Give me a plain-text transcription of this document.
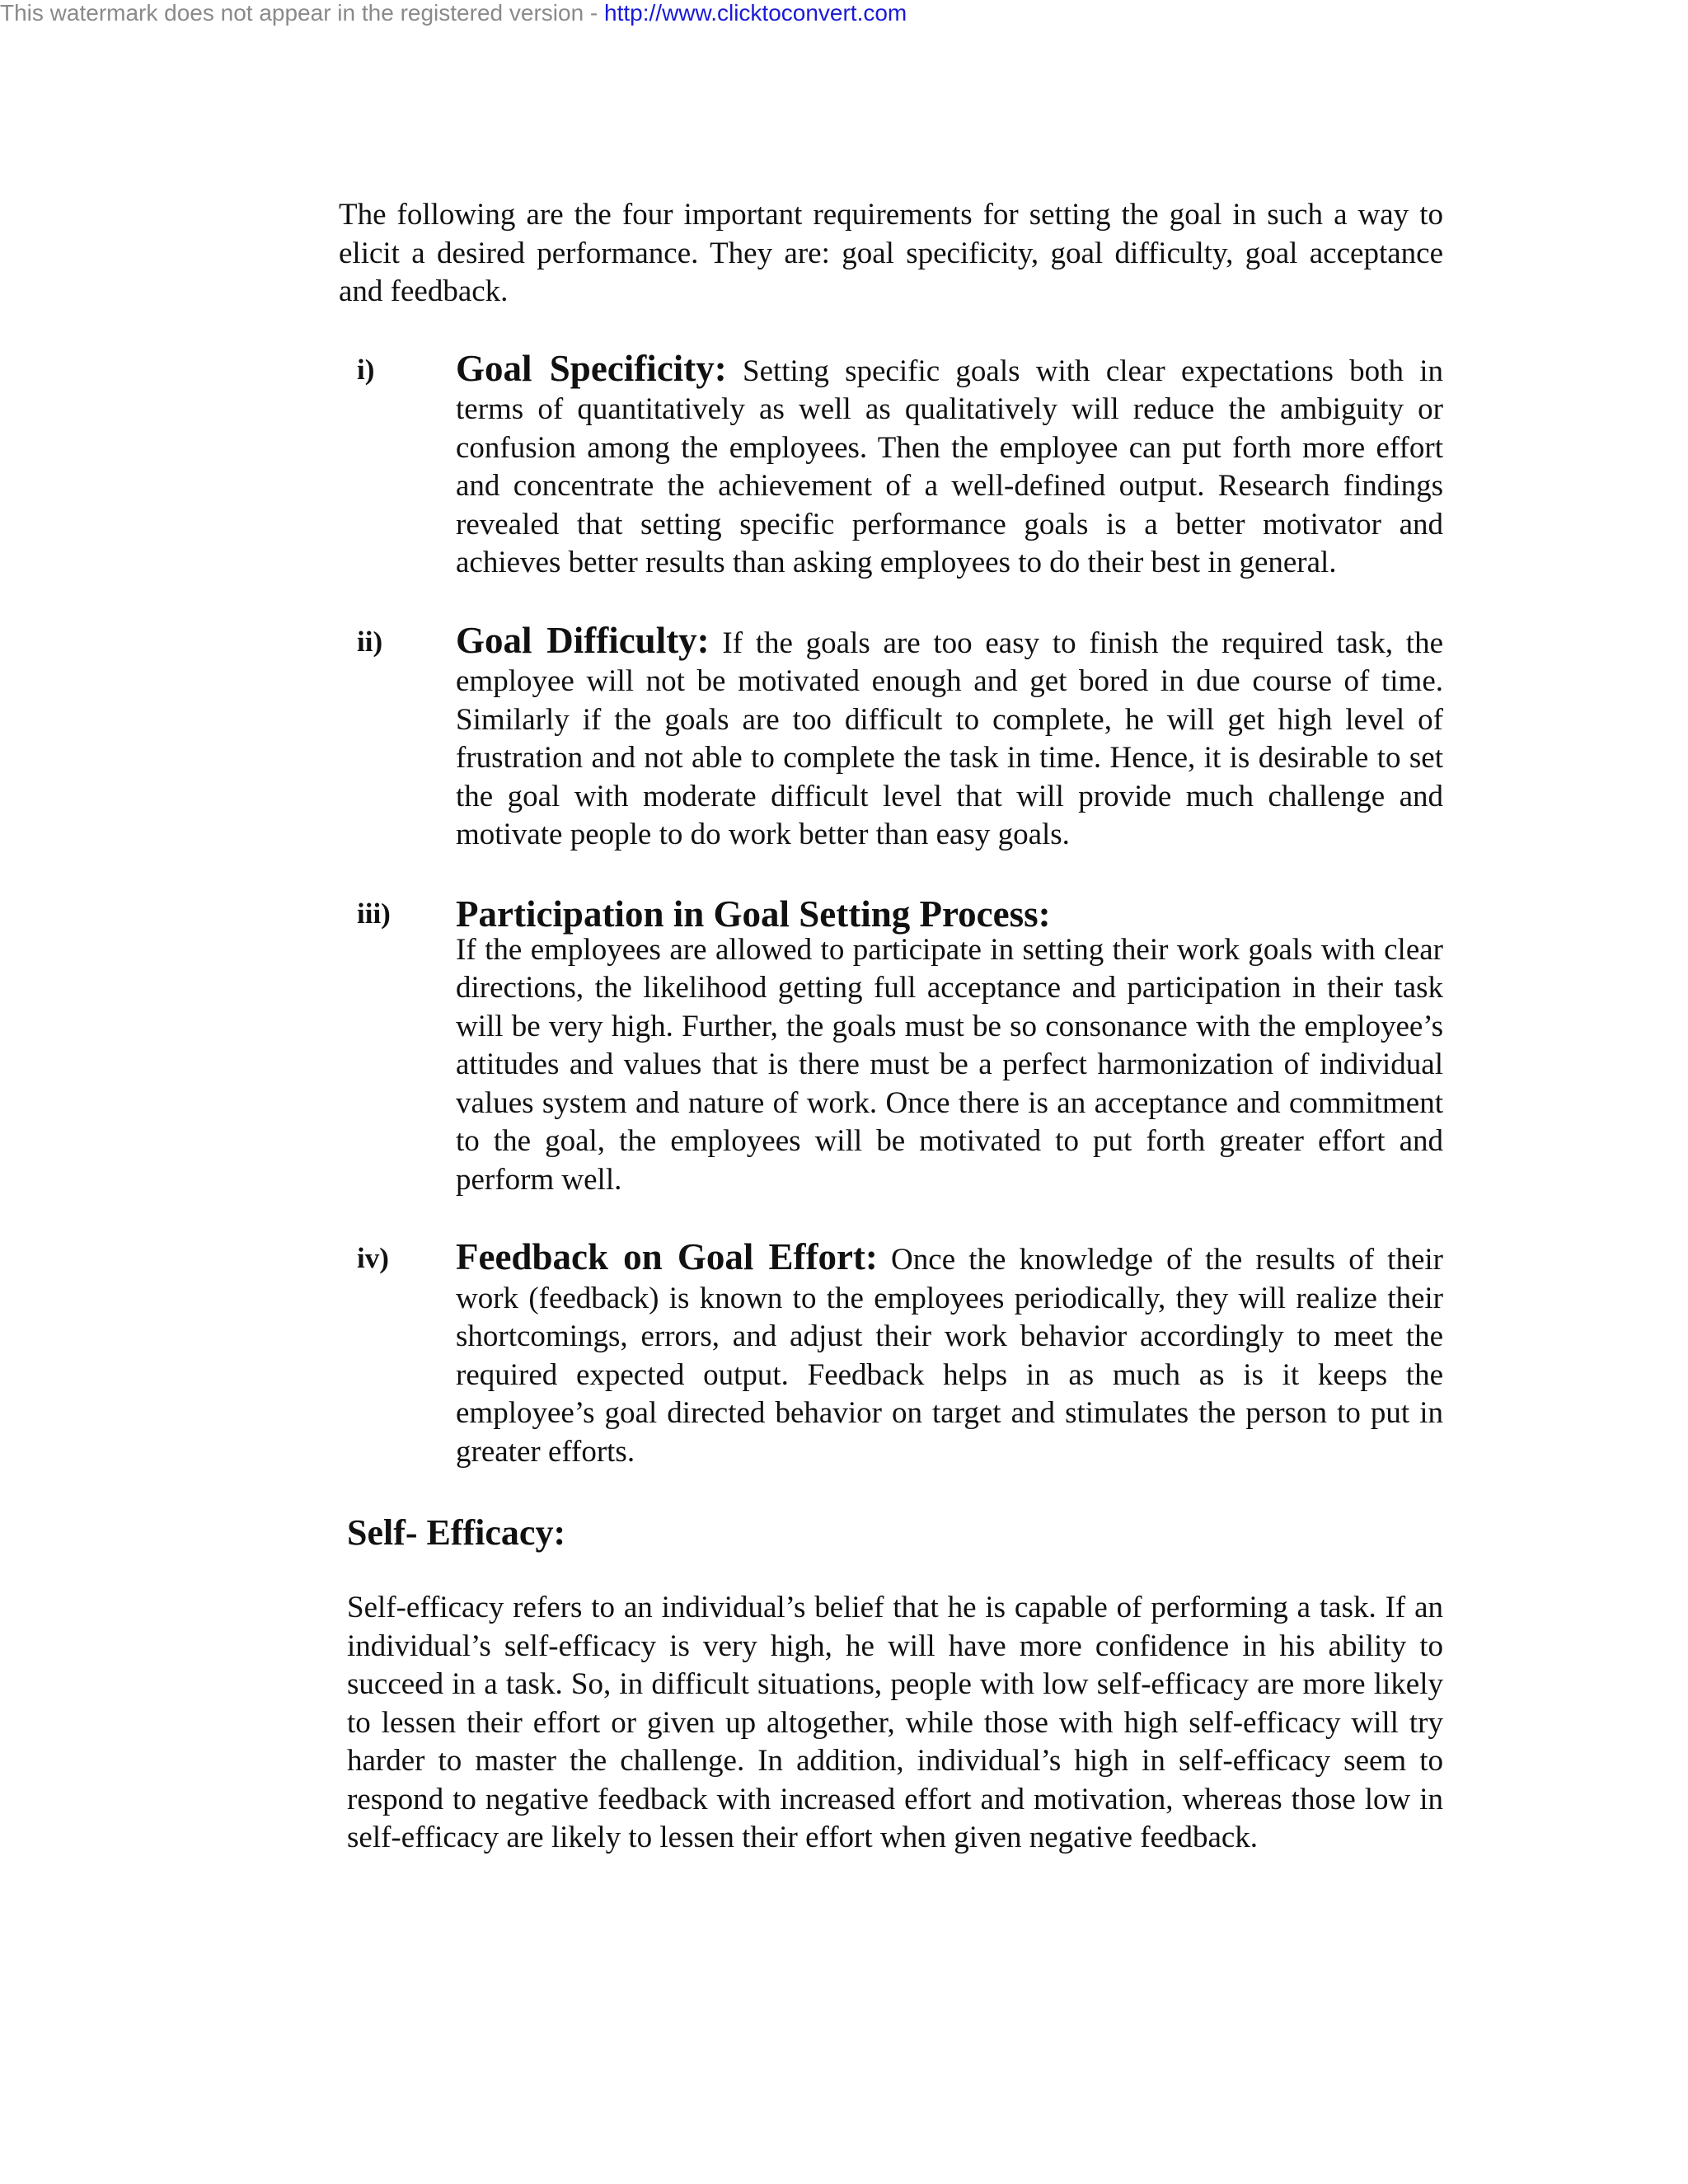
This watermark does not appear in the registered version - http://www.clicktoconvert.com

The following are the four important requirements for setting the goal in such a way to elicit a desired performance. They are: goal specificity, goal difficulty, goal acceptance and feedback.

i) Goal Specificity: Setting specific goals with clear expectations both in terms of quantitatively as well as qualitatively will reduce the ambiguity or confusion among the employees. Then the employee can put forth more effort and concentrate the achievement of a well-defined output. Research findings revealed that setting specific performance goals is a better motivator and achieves better results than asking employees to do their best in general.

ii) Goal Difficulty: If the goals are too easy to finish the required task, the employee will not be motivated enough and get bored in due course of time. Similarly if the goals are too difficult to complete, he will get high level of frustration and not able to complete the task in time. Hence, it is desirable to set the goal with moderate difficult level that will provide much challenge and motivate people to do work better than easy goals.

iii) Participation in Goal Setting Process:

If the employees are allowed to participate in setting their work goals with clear directions, the likelihood getting full acceptance and participation in their task will be very high. Further, the goals must be so consonance with the employee’s attitudes and values that is there must be a perfect harmonization of individual values system and nature of work. Once there is an acceptance and commitment to the goal, the employees will be motivated to put forth greater effort and perform well.

iv) Feedback on Goal Effort: Once the knowledge of the results of their work (feedback) is known to the employees periodically, they will realize their shortcomings, errors, and adjust their work behavior accordingly to meet the required expected output. Feedback helps in as much as is it keeps the employee’s goal directed behavior on target and stimulates the person to put in greater efforts.

Self- Efficacy:

Self-efficacy refers to an individual’s belief that he is capable of performing a task. If an individual’s self-efficacy is very high, he will have more confidence in his ability to succeed in a task. So, in difficult situations, people with low self-efficacy are more likely to lessen their effort or given up altogether, while those with high self-efficacy will try harder to master the challenge. In addition, individual’s high in self-efficacy seem to respond to negative feedback with increased effort and motivation, whereas those low in self-efficacy are likely to lessen their effort when given negative feedback.
